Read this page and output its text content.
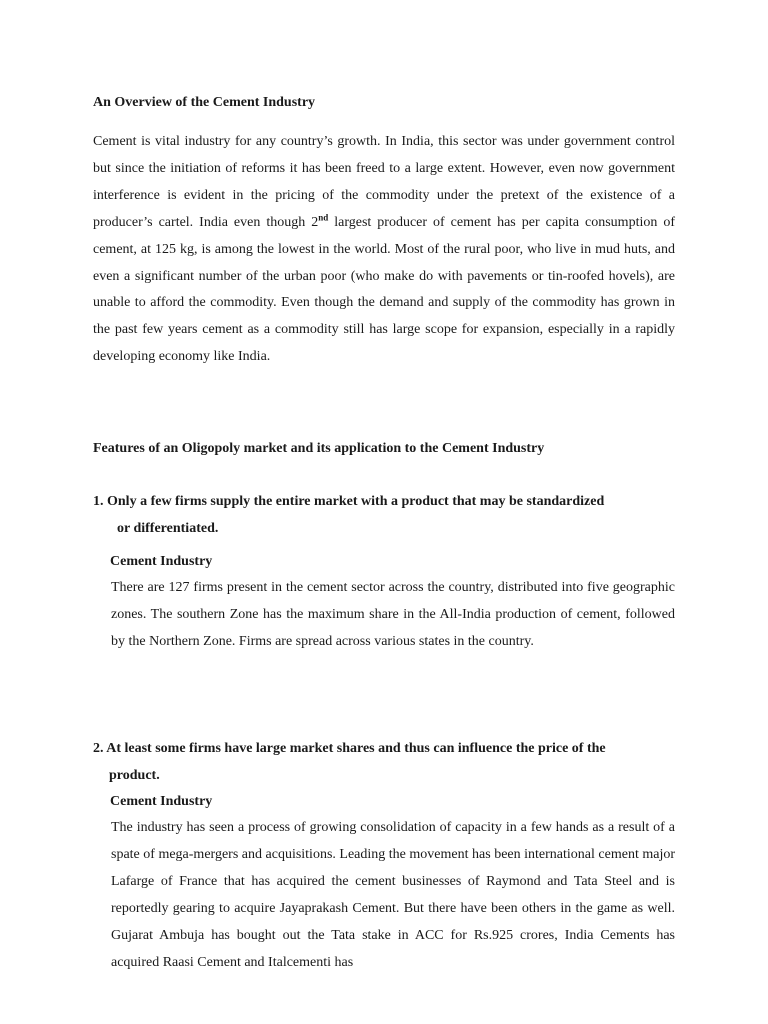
An Overview of the Cement Industry

Cement is vital industry for any country’s growth. In India, this sector was under government control but since the initiation of reforms it has been freed to a large extent. However, even now government interference is evident in the pricing of the commodity under the pretext of the existence of a producer’s cartel. India even though 2nd largest producer of cement has per capita consumption of cement, at 125 kg, is among the lowest in the world. Most of the rural poor, who live in mud huts, and even a significant number of the urban poor (who make do with pavements or tin-roofed hovels), are unable to afford the commodity. Even though the demand and supply of the commodity has grown in the past few years cement as a commodity still has large scope for expansion, especially in a rapidly developing economy like India.

Features of an Oligopoly market and its application to the Cement Industry

1. Only a few firms supply the entire market with a product that may be standardized
or differentiated.

Cement Industry

There are 127 firms present in the cement sector across the country, distributed into five geographic zones. The southern Zone has the maximum share in the All-India production of cement, followed by the Northern Zone. Firms are spread across various states in the country.

2. At least some firms have large market shares and thus can influence the price of the
product.

Cement Industry

The industry has seen a process of growing consolidation of capacity in a few hands as a result of a spate of mega-mergers and acquisitions. Leading the movement has been international cement major Lafarge of France that has acquired the cement businesses of Raymond and Tata Steel and is reportedly gearing to acquire Jayaprakash Cement. But there have been others in the game as well. Gujarat Ambuja has bought out the Tata stake in ACC for Rs.925 crores, India Cements has acquired Raasi Cement and Italcementi has
